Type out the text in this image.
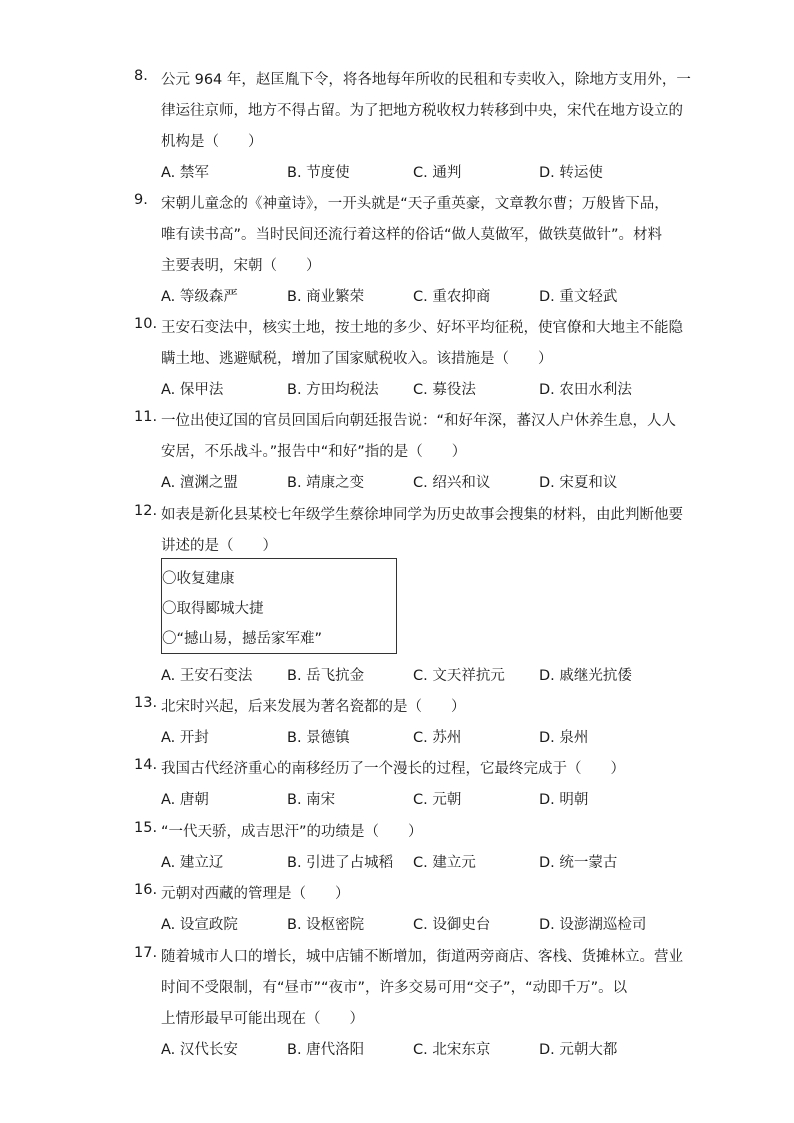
8. 公元 964 年，赵匡胤下令，将各地每年所收的民租和专卖收入，除地方支用外，一
律运往京师，地方不得占留。为了把地方税收权力转移到中央，宋代在地方设立的
机构是（　　）
A. 禁军	B. 节度使	C. 通判	D. 转运使
9. 宋朝儿童念的《神童诗》，一开头就是“天子重英豪，文章教尔曹；万般皆下品，
唯有读书高”。当时民间还流行着这样的俗话“做人莫做军，做铁莫做针”。材料
主要表明，宋朝（　　）
A. 等级森严	B. 商业繁荣	C. 重农抑商	D. 重文轻武
10. 王安石变法中，核实土地，按土地的多少、好坏平均征税，使官僚和大地主不能隐
瞒土地、逃避赋税，增加了国家赋税收入。该措施是（　　）
A. 保甲法	B. 方田均税法 C. 募役法	D. 农田水利法
11. 一位出使辽国的官员回国后向朝廷报告说：“和好年深，蕃汉人户休养生息，人人
安居，不乐战斗。”报告中“和好”指的是（　　）
A. 澶渊之盟	B. 靖康之变	C. 绍兴和议	D. 宋夏和议
12. 如表是新化县某校七年级学生蔡徐坤同学为历史故事会搜集的材料，由此判断他要
讲述的是（　　）
〇收复建康
〇取得郾城大捷
〇“撼山易，撼岳家军难”
A. 王安石变法 B. 岳飞抗金	C. 文天祥抗元 D. 戚继光抗倭
13. 北宋时兴起，后来发展为著名瓷都的是（　　）
A. 开封	B. 景德镇	C. 苏州	D. 泉州
14. 我国古代经济重心的南移经历了一个漫长的过程，它最终完成于（　　）
A. 唐朝	B. 南宋	C. 元朝	D. 明朝
15. “一代天骄，成吉思汗”的功绩是（　　）
A. 建立辽	B. 引进了占城稻 C. 建立元	D. 统一蒙古
16. 元朝对西藏的管理是（　　）
A. 设宣政院	B. 设枢密院	C. 设御史台	D. 设澎湖巡检司
17. 随着城市人口的增长，城中店铺不断增加，街道两旁商店、客栈、货摊林立。营业
时间不受限制，有“昼市”“夜市”，许多交易可用“交子”，“动即千万”。以
上情形最早可能出现在（　　）
A. 汉代长安	B. 唐代洛阳	C. 北宋东京	D. 元朝大都
